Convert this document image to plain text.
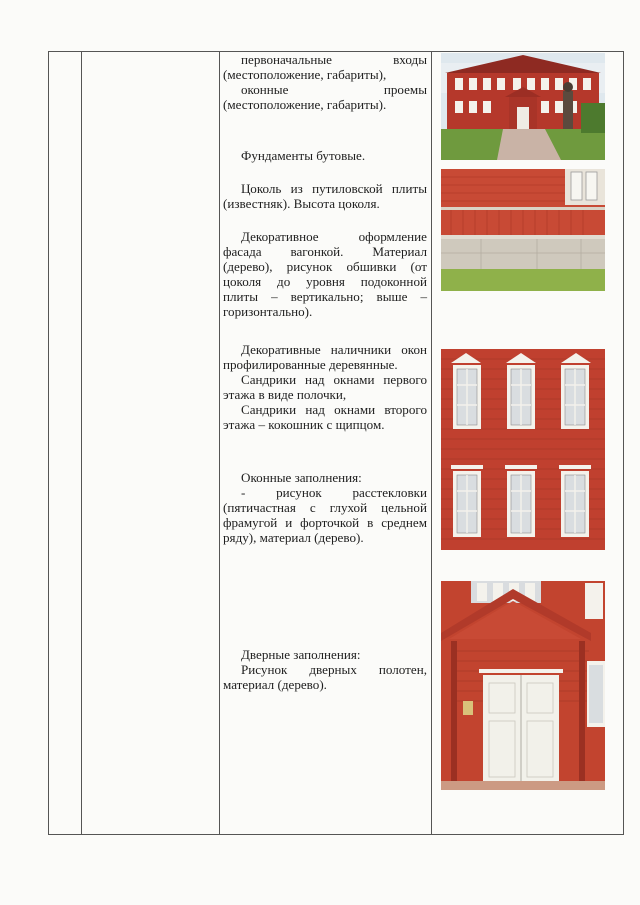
первоначальные входы (местоположение, габариты),

оконные проемы (местоположение, габариты).

Фундаменты бутовые.

Цоколь из путиловской плиты (известняк). Высота цоколя.

Декоративное оформление фасада вагонкой. Материал (дерево), рисунок обшивки (от цоколя до уровня подоконной плиты – вертикально; выше – горизонтально).

Декоративные наличники окон профилированные деревянные.

Сандрики над окнами первого этажа в виде полочки,

Сандрики над окнами второго этажа – кокошник с щипцом.

Оконные заполнения:

- рисунок расстекловки (пятичастная с глухой цельной фрамугой и форточкой в среднем ряду), материал (дерево).

Дверные заполнения:

Рисунок дверных полотен, материал (дерево).
